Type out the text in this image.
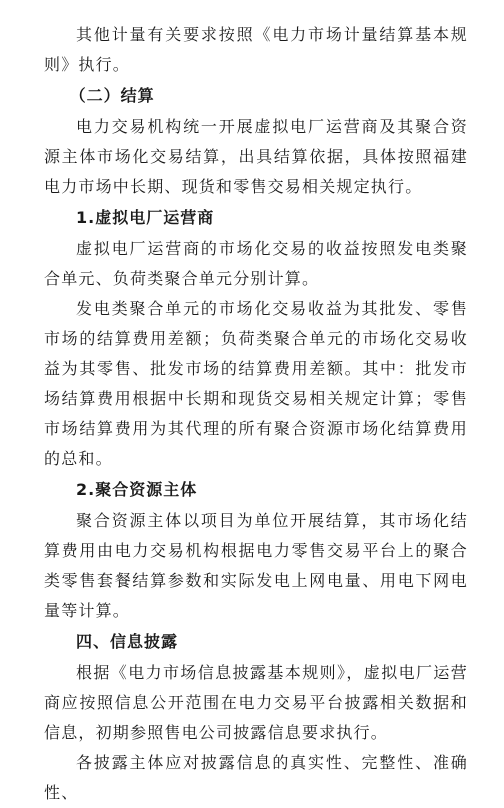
其他计量有关要求按照《电力市场计量结算基本规则》执行。

（二）结算

电力交易机构统一开展虚拟电厂运营商及其聚合资源主体市场化交易结算，出具结算依据，具体按照福建电力市场中长期、现货和零售交易相关规定执行。

1.虚拟电厂运营商

虚拟电厂运营商的市场化交易的收益按照发电类聚合单元、负荷类聚合单元分别计算。

发电类聚合单元的市场化交易收益为其批发、零售市场的结算费用差额；负荷类聚合单元的市场化交易收益为其零售、批发市场的结算费用差额。其中：批发市场结算费用根据中长期和现货交易相关规定计算；零售市场结算费用为其代理的所有聚合资源市场化结算费用的总和。

2.聚合资源主体

聚合资源主体以项目为单位开展结算，其市场化结算费用由电力交易机构根据电力零售交易平台上的聚合类零售套餐结算参数和实际发电上网电量、用电下网电量等计算。

四、信息披露

根据《电力市场信息披露基本规则》，虚拟电厂运营商应按照信息公开范围在电力交易平台披露相关数据和信息，初期参照售电公司披露信息要求执行。

各披露主体应对披露信息的真实性、完整性、准确性、
